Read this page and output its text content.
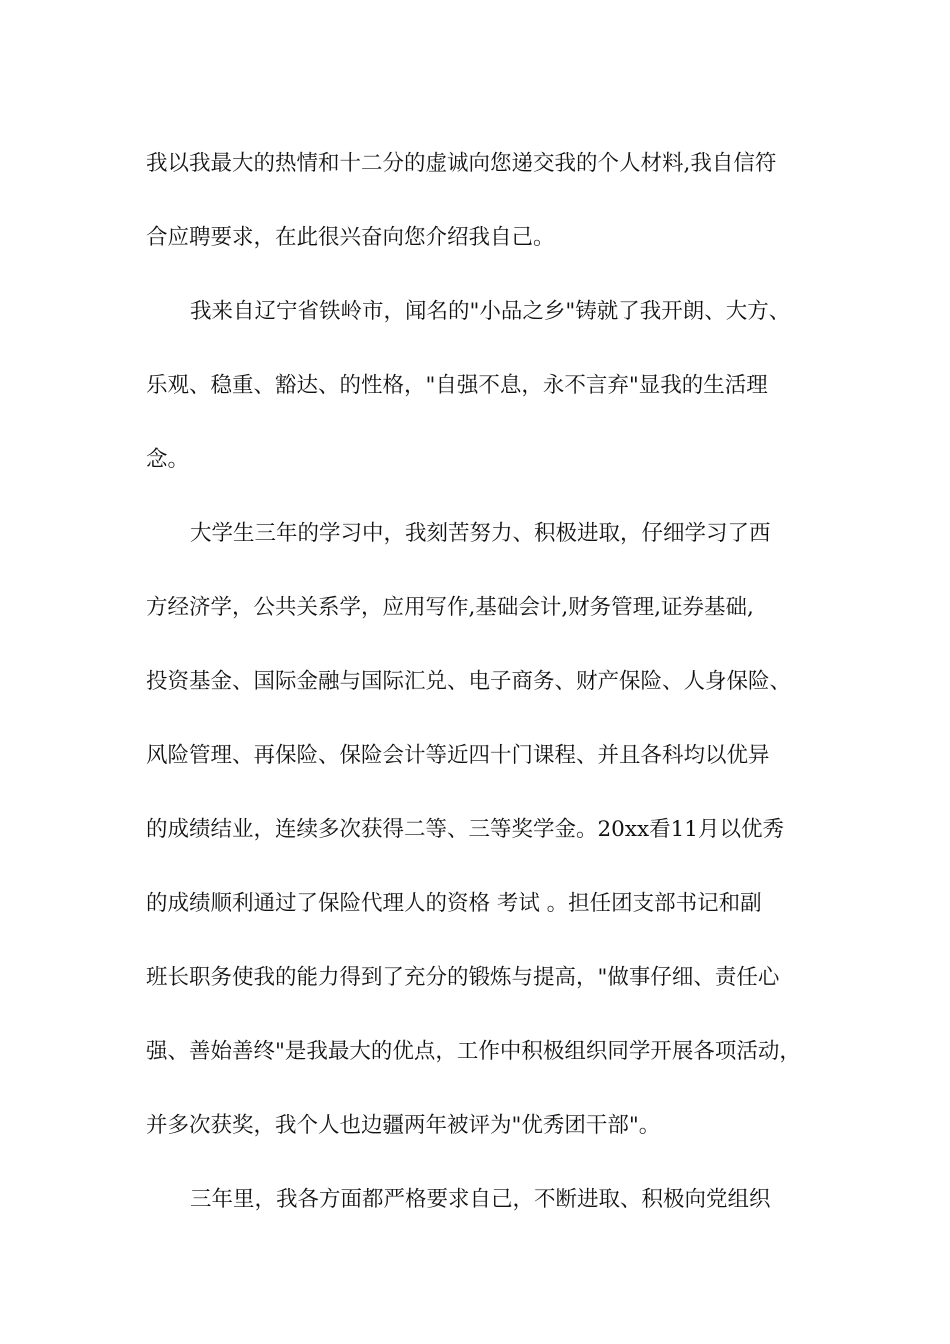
我以我最大的热情和十二分的虚诚向您递交我的个人材料,我自信符
合应聘要求，在此很兴奋向您介绍我自己。
我来自辽宁省铁岭市，闻名的"小品之乡"铸就了我开朗、大方、
乐观、稳重、豁达、的性格，"自强不息，永不言弃"显我的生活理
念。
大学生三年的学习中，我刻苦努力、积极进取，仔细学习了西
方经济学，公共关系学，应用写作,基础会计,财务管理,证券基础,
投资基金、国际金融与国际汇兑、电子商务、财产保险、人身保险、
风险管理、再保险、保险会计等近四十门课程、并且各科均以优异
的成绩结业，连续多次获得二等、三等奖学金。20xx看11月以优秀
的成绩顺利通过了保险代理人的资格 考试 。担任团支部书记和副
班长职务使我的能力得到了充分的锻炼与提高，"做事仔细、责任心
强、善始善终"是我最大的优点，工作中积极组织同学开展各项活动，
并多次获奖，我个人也边疆两年被评为"优秀团干部"。
三年里，我各方面都严格要求自己，不断进取、积极向党组织
